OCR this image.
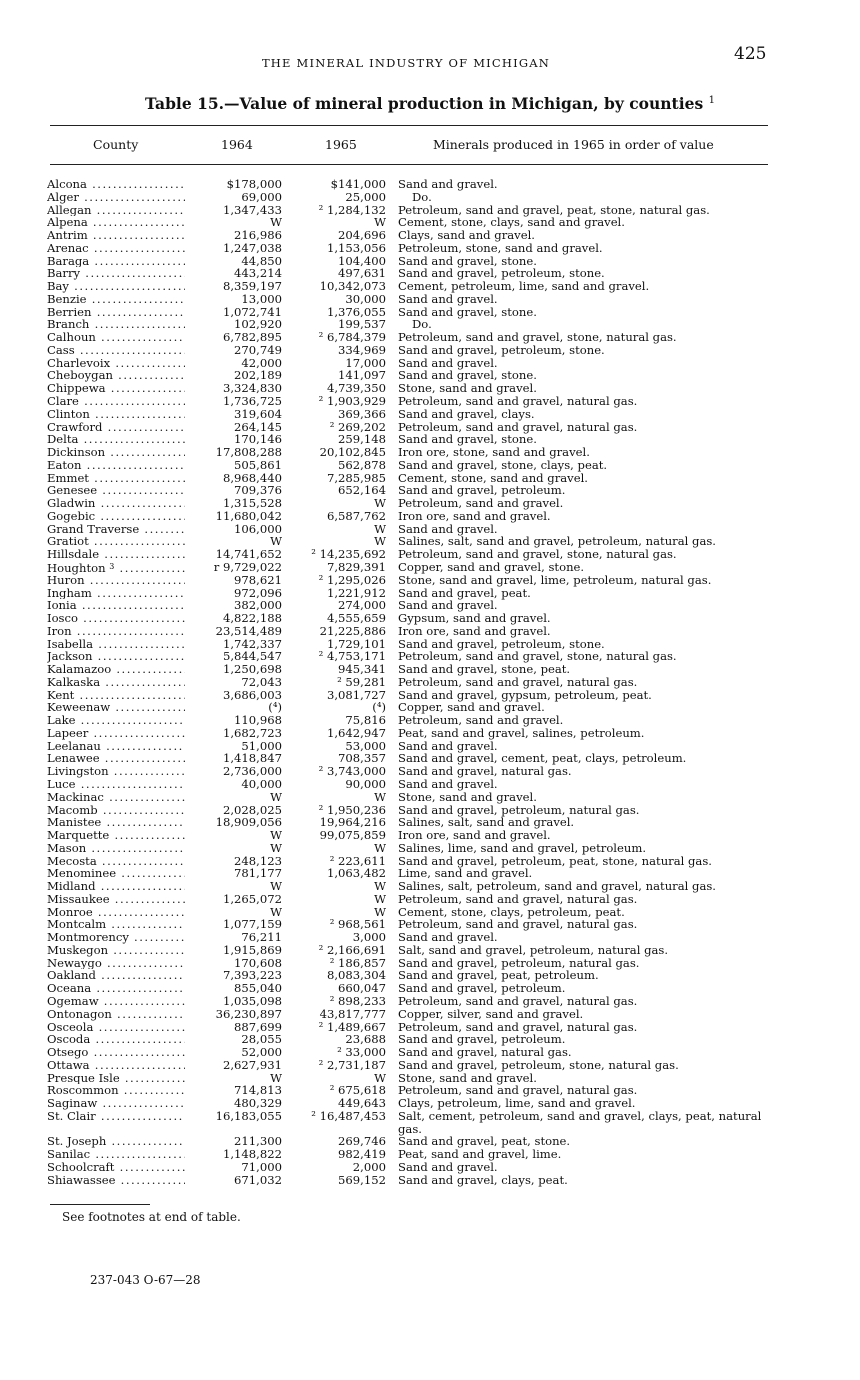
THE MINERAL INDUSTRY OF MICHIGAN	425
Table 15.—Value of mineral production in Michigan, by counties $^1$
County	1964	1965	Minerals produced in 1965 in order of value
Alcona .....	$178,000	$141,000 Sand and gravel.
Alger .....	69,000	25,000	Do.
Allegan .....	1,347,433	² 1,284,132 Petroleum, sand and gravel, peat, stone, natural gas.
Alpena .....	W	W Cement, stone, clays, sand and gravel.
Antrim .....	216,986	204,696 Clays, sand and gravel.
Arenac .....	1,247,038	1,153,056 Petroleum, stone, sand and gravel.
Baraga .....	44,850	104,400 Sand and gravel, stone.
Barry .....	443,214	497,631 Sand and gravel, petroleum, stone.
Bay .....	8,359,197	10,342,073 Cement, petroleum, lime, sand and gravel.
Benzie .....	13,000	30,000 Sand and gravel.
Berrien .....	1,072,741	1,376,055 Sand and gravel, stone.
Branch .....	102,920	199,537	Do.
Calhoun .....	6,782,895	² 6,784,379 Petroleum, sand and gravel, stone, natural gas.
Cass .....	270,749	334,969 Sand and gravel, petroleum, stone.
Charlevoix .....	42,000	17,000 Sand and gravel.
Cheboygan .....	202,189	141,097 Sand and gravel, stone.
Chippewa .....	3,324,830	4,739,350 Stone, sand and gravel.
Clare .....	1,736,725	² 1,903,929 Petroleum, sand and gravel, natural gas.
Clinton .....	319,604	369,366 Sand and gravel, clays.
Crawford .....	264,145	² 269,202 Petroleum, sand and gravel, natural gas.
Delta .....	170,146	259,148 Sand and gravel, stone.
Dickinson .....	17,808,288	20,102,845 Iron ore, stone, sand and gravel.
Eaton .....	505,861	562,878 Sand and gravel, stone, clays, peat.
Emmet .....	8,968,440	7,285,985 Cement, stone, sand and gravel.
Genesee .....	709,376	652,164 Sand and gravel, petroleum.
Gladwin .....	1,315,528	W Petroleum, sand and gravel.
Gogebic .....	11,680,042	6,587,762 Iron ore, sand and gravel.
Grand Traverse .....	106,000	W Sand and gravel.
Gratiot .....	W	W Salines, salt, sand and gravel, petroleum, natural gas.
Hillsdale .....	14,741,652	² 14,235,692 Petroleum, sand and gravel, stone, natural gas.
Houghton $^3$ .....	r 9,729,022	7,829,391 Copper, sand and gravel, stone.
Huron .....	978,621	² 1,295,026 Stone, sand and gravel, lime, petroleum, natural gas.
Ingham .....	972,096	1,221,912 Sand and gravel, peat.
Ionia .....	382,000	274,000 Sand and gravel.
Iosco .....	4,822,188	4,555,659 Gypsum, sand and gravel.
Iron .....	23,514,489	21,225,886 Iron ore, sand and gravel.
Isabella .....	1,742,337	1,729,101 Sand and gravel, petroleum, stone.
Jackson .....	5,844,547	² 4,753,171 Petroleum, sand and gravel, stone, natural gas.
Kalamazoo .....	1,250,698	945,341 Sand and gravel, stone, peat.
Kalkaska .....	72,043	² 59,281 Petroleum, sand and gravel, natural gas.
Kent .....	3,686,003	3,081,727 Sand and gravel, gypsum, petroleum, peat.
Keweenaw .....	(⁴)	(⁴) Copper, sand and gravel.
Lake .....	110,968	75,816 Petroleum, sand and gravel.
Lapeer .....	1,682,723	1,642,947 Peat, sand and gravel, salines, petroleum.
Leelanau .....	51,000	53,000 Sand and gravel.
Lenawee .....	1,418,847	708,357 Sand and gravel, cement, peat, clays, petroleum.
Livingston .....	2,736,000	² 3,743,000 Sand and gravel, natural gas.
Luce .....	40,000	90,000 Sand and gravel.
Mackinac .....	W	W Stone, sand and gravel.
Macomb .....	2,028,025	² 1,950,236 Sand and gravel, petroleum, natural gas.
Manistee .....	18,909,056	19,964,216 Salines, salt, sand and gravel.
Marquette .....	W	99,075,859 Iron ore, sand and gravel.
Mason .....	W	W Salines, lime, sand and gravel, petroleum.
Mecosta .....	248,123	² 223,611 Sand and gravel, petroleum, peat, stone, natural gas.
Menominee .....	781,177	1,063,482 Lime, sand and gravel.
Midland .....	W	W Salines, salt, petroleum, sand and gravel, natural gas.
Missaukee .....	1,265,072	W Petroleum, sand and gravel, natural gas.
Monroe .....	W	W Cement, stone, clays, petroleum, peat.
Montcalm .....	1,077,159	² 968,561 Petroleum, sand and gravel, natural gas.
Montmorency .....	76,211	3,000 Sand and gravel.
Muskegon .....	1,915,869	² 2,166,691 Salt, sand and gravel, petroleum, natural gas.
Newaygo .....	170,608	² 186,857 Sand and gravel, petroleum, natural gas.
Oakland .....	7,393,223	8,083,304 Sand and gravel, peat, petroleum.
Oceana .....	855,040	660,047 Sand and gravel, petroleum.
Ogemaw .....	1,035,098	² 898,233 Petroleum, sand and gravel, natural gas.
Ontonagon .....	36,230,897	43,817,777 Copper, silver, sand and gravel.
Osceola .....	887,699	² 1,489,667 Petroleum, sand and gravel, natural gas.
Oscoda .....	28,055	23,688 Sand and gravel, petroleum.
Otsego .....	52,000	² 33,000 Sand and gravel, natural gas.
Ottawa .....	2,627,931	² 2,731,187 Sand and gravel, petroleum, stone, natural gas.
Presque Isle .....	W	W Stone, sand and gravel.
Roscommon .....	714,813	² 675,618 Petroleum, sand and gravel, natural gas.
Saginaw .....	480,329	449,643 Clays, petroleum, lime, sand and gravel.
St. Clair .....	16,183,055	² 16,487,453 Salt, cement, petroleum, sand and gravel, clays, peat, natural gas.
St. Joseph .....	211,300	269,746 Sand and gravel, peat, stone.
Sanilac .....	1,148,822	982,419 Peat, sand and gravel, lime.
Schoolcraft .....	71,000	2,000 Sand and gravel.
Shiawassee .....	671,032	569,152 Sand and gravel, clays, peat.
See footnotes at end of table.
237-043 O-67—28
